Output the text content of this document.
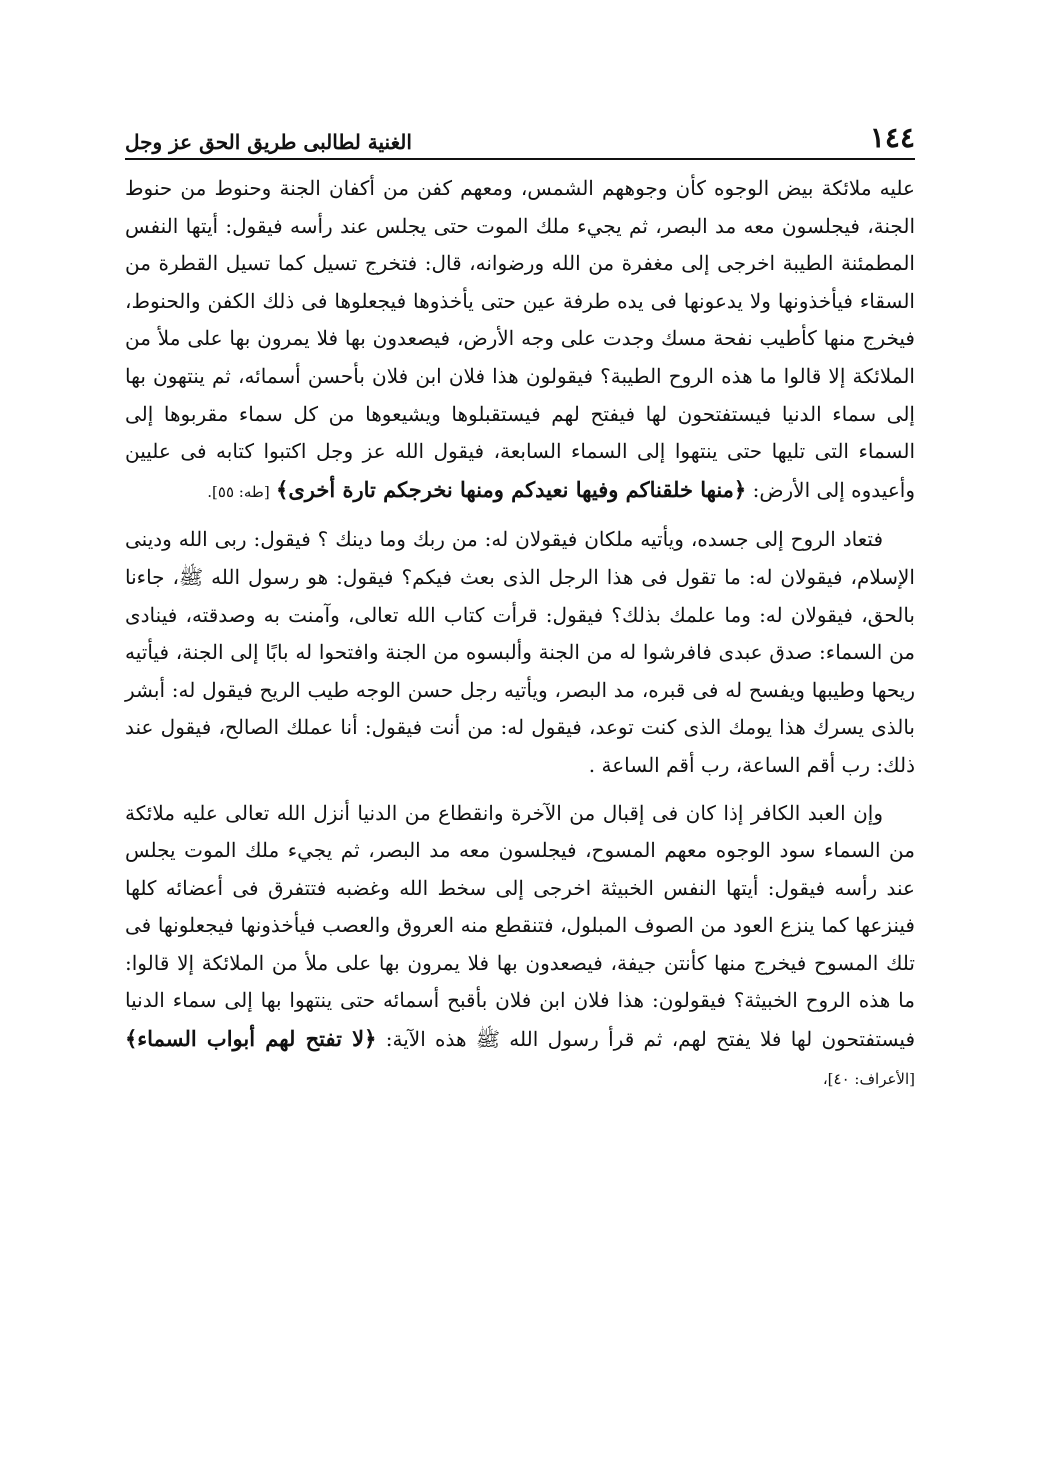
١٤٤
الغنية لطالبى طريق الحق عز وجل

عليه ملائكة بيض الوجوه كأن وجوههم الشمس، ومعهم كفن من أكفان الجنة وحنوط من حنوط الجنة، فيجلسون معه مد البصر، ثم يجيء ملك الموت حتى يجلس عند رأسه فيقول: أيتها النفس المطمئنة الطيبة اخرجى إلى مغفرة من الله ورضوانه، قال: فتخرج تسيل كما تسيل القطرة من السقاء فيأخذونها ولا يدعونها فى يده طرفة عين حتى يأخذوها فيجعلوها فى ذلك الكفن والحنوط، فيخرج منها كأطيب نفحة مسك وجدت على وجه الأرض، فيصعدون بها فلا يمرون بها على ملأ من الملائكة إلا قالوا ما هذه الروح الطيبة؟ فيقولون هذا فلان ابن فلان بأحسن أسمائه، ثم ينتهون بها إلى سماء الدنيا فيستفتحون لها فيفتح لهم فيستقبلوها ويشيعوها من كل سماء مقربوها إلى السماء التى تليها حتى ينتهوا إلى السماء السابعة، فيقول الله عز وجل اكتبوا كتابه فى عليين وأعيدوه إلى الأرض: ﴿منها خلقناكم وفيها نعيدكم ومنها نخرجكم تارة أخرى﴾ [طه: ٥٥].

فتعاد الروح إلى جسده، ويأتيه ملكان فيقولان له: من ربك وما دينك ؟ فيقول: ربى الله ودينى الإسلام، فيقولان له: ما تقول فى هذا الرجل الذى بعث فيكم؟ فيقول: هو رسول الله ﷺ، جاءنا بالحق، فيقولان له: وما علمك بذلك؟ فيقول: قرأت كتاب الله تعالى، وآمنت به وصدقته، فينادى من السماء: صدق عبدى فافرشوا له من الجنة وألبسوه من الجنة وافتحوا له بابًا إلى الجنة، فيأتيه ريحها وطيبها ويفسح له فى قبره، مد البصر، ويأتيه رجل حسن الوجه طيب الريح فيقول له: أبشر بالذى يسرك هذا يومك الذى كنت توعد، فيقول له: من أنت فيقول: أنا عملك الصالح، فيقول عند ذلك: رب أقم الساعة، رب أقم الساعة .

وإن العبد الكافر إذا كان فى إقبال من الآخرة وانقطاع من الدنيا أنزل الله تعالى عليه ملائكة من السماء سود الوجوه معهم المسوح، فيجلسون معه مد البصر، ثم يجيء ملك الموت يجلس عند رأسه فيقول: أيتها النفس الخبيثة اخرجى إلى سخط الله وغضبه فتتفرق فى أعضائه كلها فينزعها كما ينزع العود من الصوف المبلول، فتنقطع منه العروق والعصب فيأخذونها فيجعلونها فى تلك المسوح فيخرج منها كأنتن جيفة، فيصعدون بها فلا يمرون بها على ملأ من الملائكة إلا قالوا: ما هذه الروح الخبيثة؟ فيقولون: هذا فلان ابن فلان بأقبح أسمائه حتى ينتهوا بها إلى سماء الدنيا فيستفتحون لها فلا يفتح لهم، ثم قرأ رسول الله ﷺ هذه الآية: ﴿لا تفتح لهم أبواب السماء﴾ [الأعراف: ٤٠]،
